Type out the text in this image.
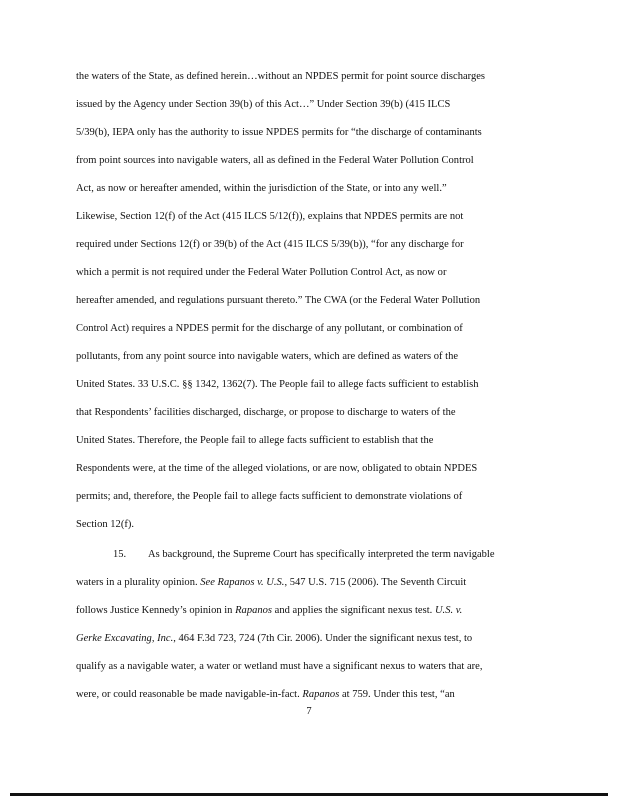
the waters of the State, as defined herein…without an NPDES permit for point source discharges
issued by the Agency under Section 39(b) of this Act…” Under Section 39(b) (415 ILCS
5/39(b), IEPA only has the authority to issue NPDES permits for “the discharge of contaminants
from point sources into navigable waters, all as defined in the Federal Water Pollution Control
Act, as now or hereafter amended, within the jurisdiction of the State, or into any well.”
Likewise, Section 12(f) of the Act (415 ILCS 5/12(f)), explains that NPDES permits are not
required under Sections 12(f) or 39(b) of the Act (415 ILCS 5/39(b)), “for any discharge for
which a permit is not required under the Federal Water Pollution Control Act, as now or
hereafter amended, and regulations pursuant thereto.” The CWA (or the Federal Water Pollution
Control Act) requires a NPDES permit for the discharge of any pollutant, or combination of
pollutants, from any point source into navigable waters, which are defined as waters of the
United States. 33 U.S.C. §§ 1342, 1362(7). The People fail to allege facts sufficient to establish
that Respondents’ facilities discharged, discharge, or propose to discharge to waters of the
United States. Therefore, the People fail to allege facts sufficient to establish that the
Respondents were, at the time of the alleged violations, or are now, obligated to obtain NPDES
permits; and, therefore, the People fail to allege facts sufficient to demonstrate violations of
Section 12(f).
15. As background, the Supreme Court has specifically interpreted the term navigable
waters in a plurality opinion. See Rapanos v. U.S., 547 U.S. 715 (2006). The Seventh Circuit
follows Justice Kennedy’s opinion in Rapanos and applies the significant nexus test. U.S. v.
Gerke Excavating, Inc., 464 F.3d 723, 724 (7th Cir. 2006). Under the significant nexus test, to
qualify as a navigable water, a water or wetland must have a significant nexus to waters that are,
were, or could reasonable be made navigable-in-fact. Rapanos at 759. Under this test, “an
7
